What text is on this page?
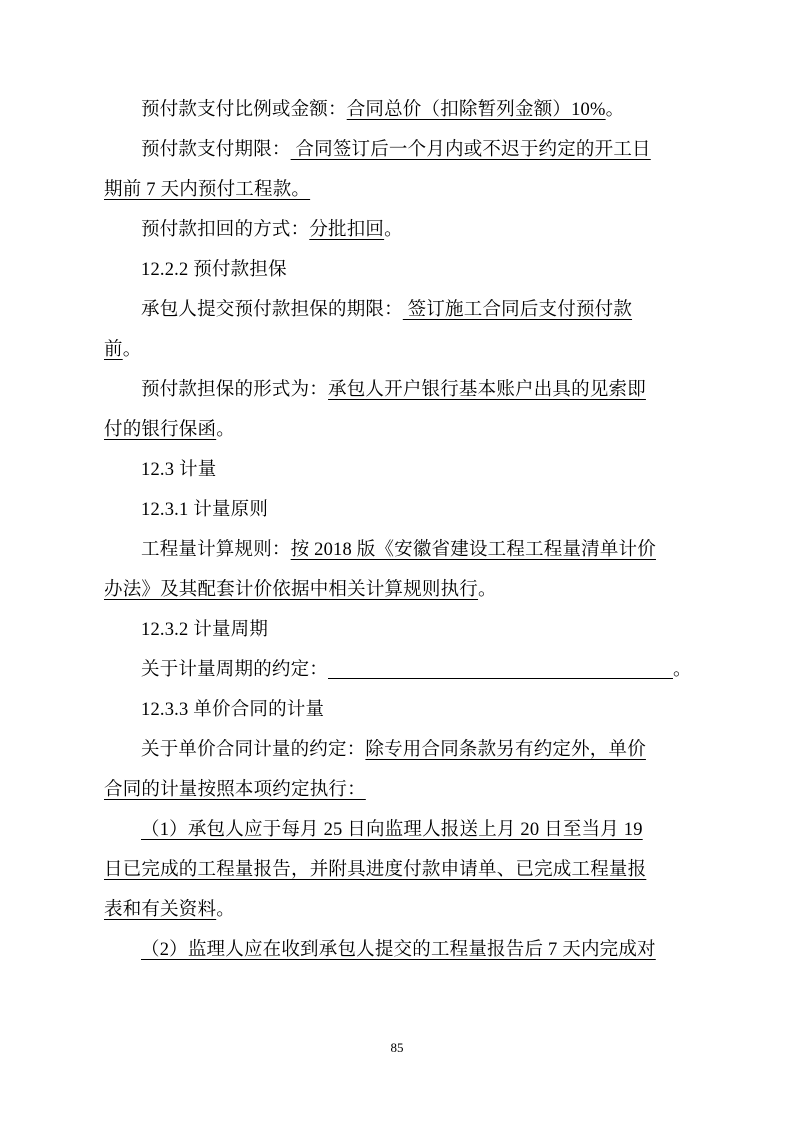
预付款支付比例或金额：合同总价（扣除暂列金额）10%。
预付款支付期限： 合同签订后一个月内或不迟于约定的开工日
期前 7 天内预付工程款。
预付款扣回的方式：分批扣回。
12.2.2 预付款担保
承包人提交预付款担保的期限： 签订施工合同后支付预付款
前。
预付款担保的形式为：承包人开户银行基本账户出具的见索即
付的银行保函。
12.3 计量
12.3.1 计量原则
工程量计算规则：按 2018 版《安徽省建设工程工程量清单计价
办法》及其配套计价依据中相关计算规则执行。
12.3.2 计量周期
关于计量周期的约定：	。
12.3.3 单价合同的计量
关于单价合同计量的约定：除专用合同条款另有约定外，单价
合同的计量按照本项约定执行：
（1）承包人应于每月 25 日向监理人报送上月 20 日至当月 19
日已完成的工程量报告，并附具进度付款申请单、已完成工程量报
表和有关资料。
（2）监理人应在收到承包人提交的工程量报告后 7 天内完成对
85
